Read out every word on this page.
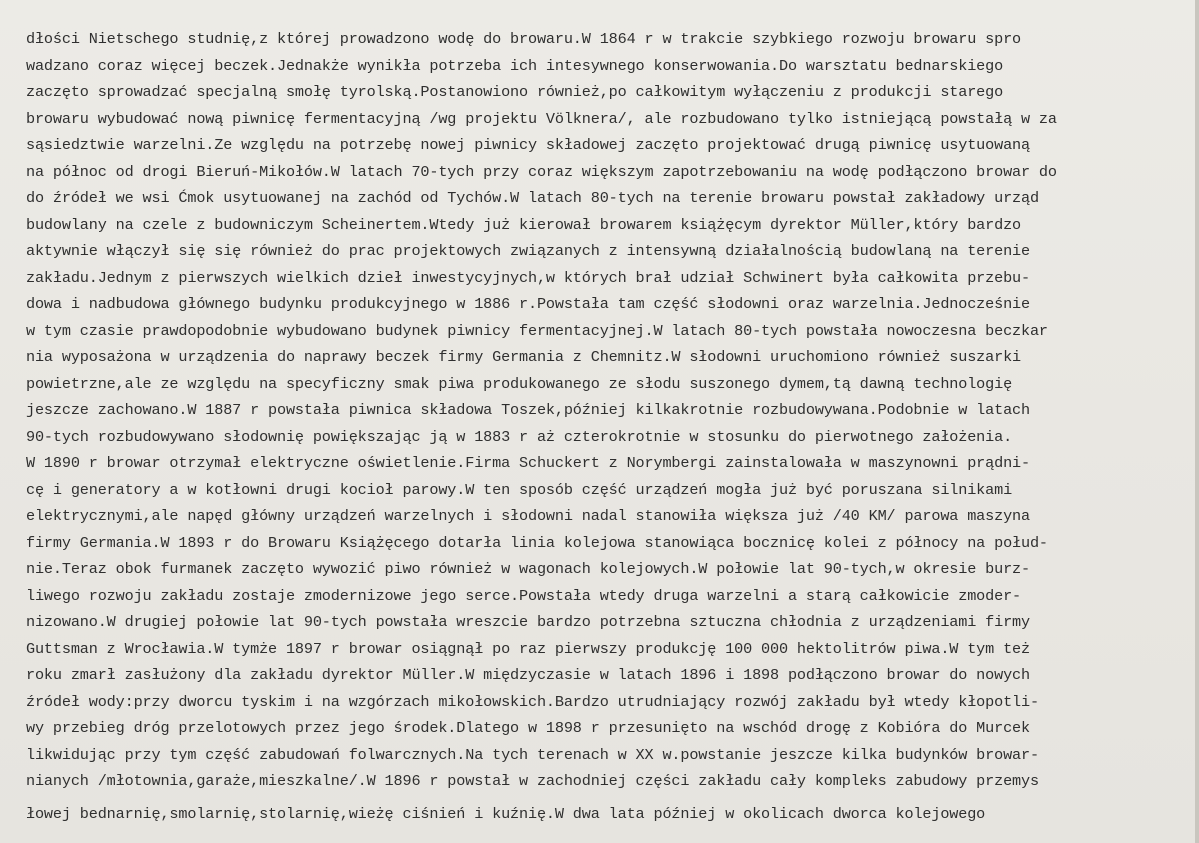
dłości Nietschego studnię,z której prowadzono wodę do browaru.W 1864 r w trakcie szybkiego rozwoju browaru spro
wadzano coraz więcej beczek.Jednakże wynikła potrzeba ich intesywnego konserwowania.Do warsztatu bednarskiego
zaczęto sprowadzać specjalną smołę tyrolską.Postanowiono również,po całkowitym wyłączeniu z produkcji starego
browaru wybudować nową piwnicę fermentacyjną /wg projektu Völknera/, ale rozbudowano tylko istniejącą powstałą w za
sąsiedztwie warzelni.Ze względu na potrzebę nowej piwnicy składowej zaczęto projektować drugą piwnicę usytuowaną
na północ od drogi Bieruń-Mikołów.W latach 70-tych przy coraz większym zapotrzebowaniu na wodę podłączono browar do
do źródeł we wsi Ćmok usytuowanej na zachód od Tychów.W latach 80-tych na terenie browaru powstał zakładowy urząd
budowlany na czele z budowniczym Scheinertem.Wtedy już kierował browarem książęcym dyrektor Müller,który bardzo
aktywnie włączył się się również do prac projektowych związanych z intensywną działalnością budowlaną na terenie
zakładu.Jednym z pierwszych wielkich dzieł inwestycyjnych,w których brał udział Schwinert była całkowita przebu-
dowa i nadbudowa głównego budynku produkcyjnego w 1886 r.Powstała tam część słodowni oraz warzelnia.Jednocześnie
w tym czasie prawdopodobnie wybudowano budynek piwnicy fermentacyjnej.W latach 80-tych powstała nowoczesna beczkar
nia wyposażona w urządzenia do naprawy beczek firmy Germania z Chemnitz.W słodowni uruchomiono również suszarki
powietrzne,ale ze względu na specyficzny smak piwa produkowanego ze słodu suszonego dymem,tą dawną technologię
jeszcze zachowano.W 1887 r powstała piwnica składowa Toszek,później kilkakrotnie rozbudowywana.Podobnie w latach
90-tych rozbudowywano słodownię powiększając ją w 1883 r aż czterokrotnie w stosunku do pierwotnego założenia.
W 1890 r browar otrzymał elektryczne oświetlenie.Firma Schuckert z Norymbergi zainstalowała w maszynowni prądni-
cę i generatory a w kotłowni drugi kocioł parowy.W ten sposób część urządzeń mogła już być poruszana silnikami
elektrycznymi,ale napęd główny urządzeń warzelnych i słodowni nadal stanowiła większa już /40 KM/ parowa maszyna
firmy Germania.W 1893 r do Browaru Książęcego dotarła linia kolejowa stanowiąca bocznicę kolei z północy na połud-
nie.Teraz obok furmanek zaczęto wywozić piwo również w wagonach kolejowych.W połowie lat 90-tych,w okresie burz-
liwego rozwoju zakładu zostaje zmodernizowe jego serce.Powstała wtedy druga warzelni a starą całkowicie zmoder-
nizowano.W drugiej połowie lat 90-tych powstała wreszcie bardzo potrzebna sztuczna chłodnia z urządzeniami firmy
Guttsman z Wrocławia.W tymże 1897 r browar osiągnął po raz pierwszy produkcję 100 000 hektolitrów piwa.W tym też
roku zmarł zasłużony dla zakładu dyrektor Müller.W międzyczasie w latach 1896 i 1898 podłączono browar do nowych
źródeł wody:przy dworcu tyskim i na wzgórzach mikołowskich.Bardzo utrudniający rozwój zakładu był wtedy kłopotli-
wy przebieg dróg przelotowych przez jego środek.Dlatego w 1898 r przesunięto na wschód drogę z Kobióra do Murcek
likwidując przy tym część zabudowań folwarcznych.Na tych terenach w XX w.powstanie jeszcze kilka budynków browar-
nianych /młotownia,garaże,mieszkalne/.W 1896 r powstał w zachodniej części zakładu cały kompleks zabudowy przemys
łowej bednarnię,smolarnię,stolarnię,wieżę ciśnień i kuźnię.W dwa lata później w okolicach dworca kolejowego
